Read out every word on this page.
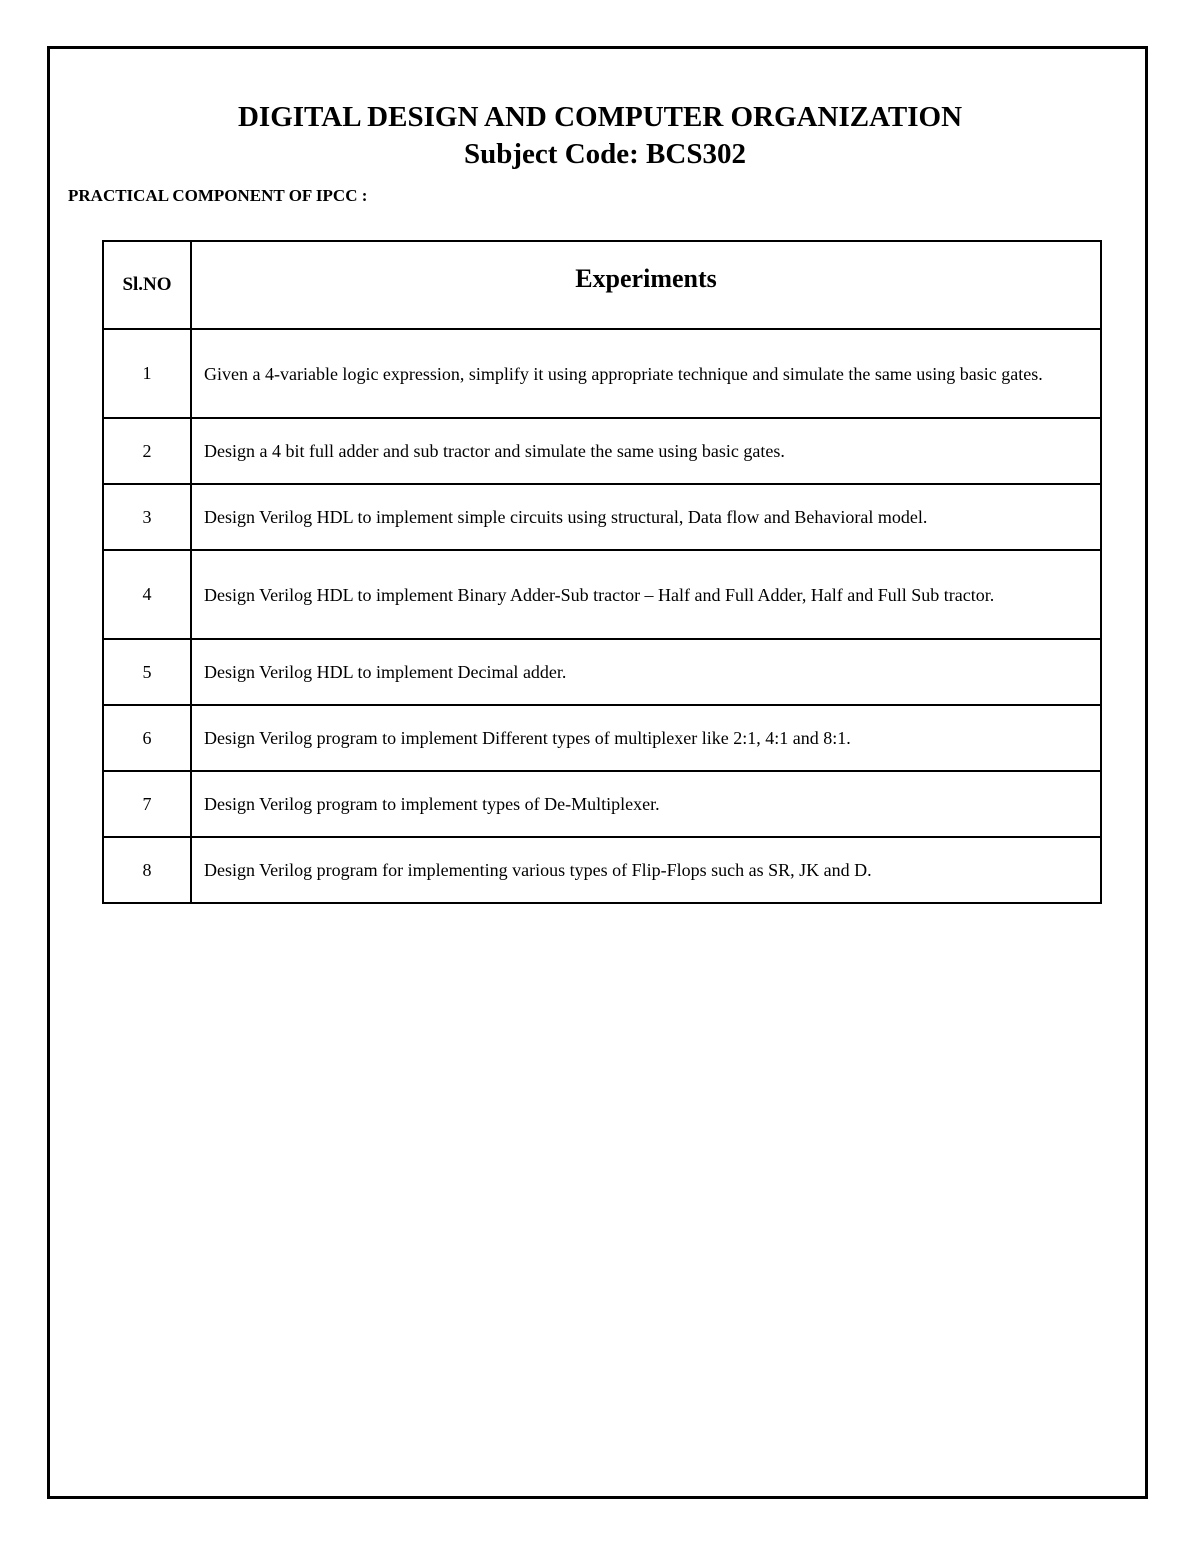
DIGITAL DESIGN AND COMPUTER ORGANIZATION
Subject Code: BCS302
PRACTICAL COMPONENT OF IPCC :
Sl.NO	Experiments
1	Given a 4-variable logic expression, simplify it using appropriate technique and simulate the same using basic gates.
2	Design a 4 bit full adder and sub tractor and simulate the same using basic gates.
3	Design Verilog HDL to implement simple circuits using structural, Data flow and Behavioral model.
4	Design Verilog HDL to implement Binary Adder-Sub tractor – Half and Full Adder, Half and Full Sub tractor.
5	Design Verilog HDL to implement Decimal adder.
6	Design Verilog program to implement Different types of multiplexer like 2:1, 4:1 and 8:1.
7	Design Verilog program to implement types of De-Multiplexer.
8	Design Verilog program for implementing various types of Flip-Flops such as SR, JK and D.
